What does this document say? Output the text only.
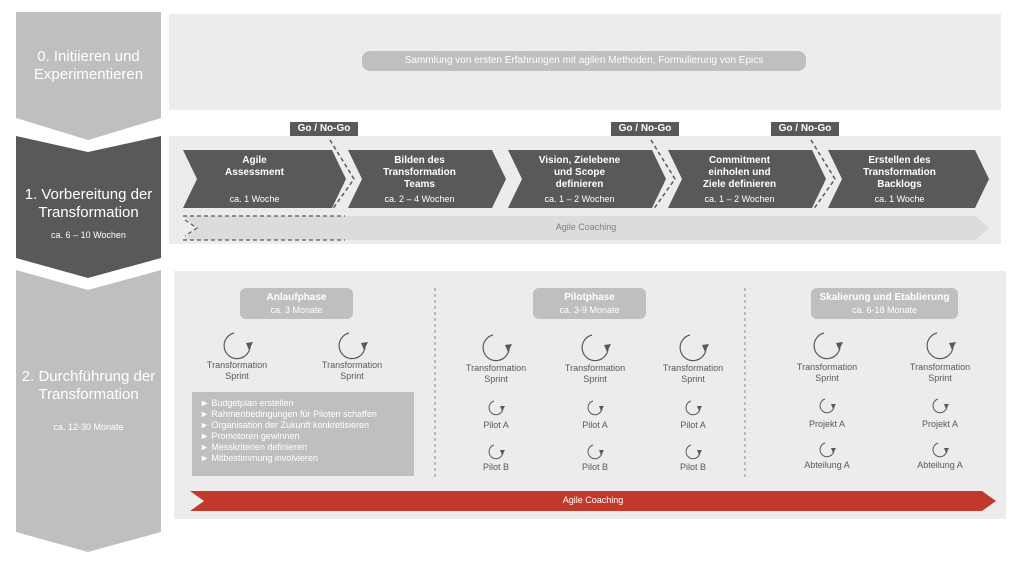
0. Initiieren und Experimentieren
1. Vorbereitung der Transformation
ca. 6 – 10 Wochen
2. Durchführung der Transformation
ca. 12-30 Monate
Sammlung von ersten Erfahrungen mit agilen Methoden, Formulierung von Epics
Go / No-Go	Go / No-Go	Go / No-Go
Agile
Assessment
ca. 1 Woche
Bilden des
Transformation
Teams
ca. 2 – 4 Wochen
Vision, Zielebene
und Scope
definieren
ca. 1 – 2 Wochen
Commitment
einholen und
Ziele definieren
ca. 1 – 2 Wochen
Erstellen des
Transformation
Backlogs
ca. 1 Woche
Agile Coaching
Anlaufphase
ca. 3 Monate
Pilotphase
ca. 3-9 Monate
Skalierung und Etablierung
ca. 6-18 Monate
Transformation
Sprint
Transformation
Sprint
Transformation
Sprint
Transformation
Sprint
Transformation
Sprint
Transformation
Sprint
Transformation
Sprint
Pilot A	Pilot A	Pilot A
Pilot B	Pilot B	Pilot B
Projekt A	Projekt A
Abteilung A	Abteilung A
► Budgetplan erstellen
► Rahmenbedingungen für Piloten schaffen
► Organisation der Zukunft konkretisieren
► Promotoren gewinnen
► Messkriterien definieren
► Mitbestimmung involvieren
Agile Coaching
